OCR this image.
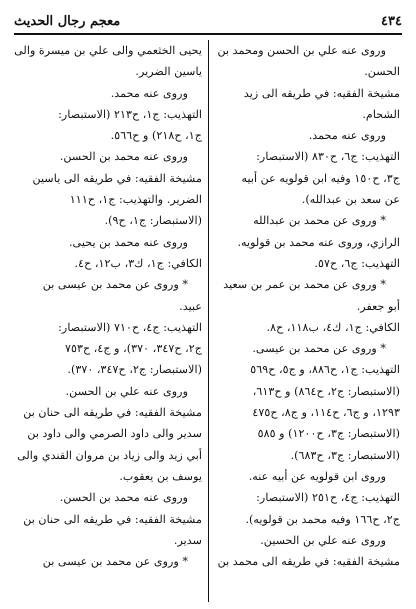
٤٣٤
معجم رجال الحديث
وروى عنه علي بن الحسن ومحمد بن
الحسن.
مشيخة الفقيه: في طريقه الى زيد
الشحام.
وروى عنه محمد.
التهذيب: ج٦، ح٨٣٠ (الاستبصار:
ج٣، ح١٥٠ وفيه ابن قولويه عن أبيه
عن سعد بن عبدالله).
* وروى عن محمد بن عبدالله
الرازي، وروى عنه محمد بن قولويه.
التهذيب: ج٦، ح٥٧.
* وروى عن محمد بن عمر بن سعيد
أبو جعفر.
الكافي: ج١، ك٤، ب١١٨، ح٨.
* وروى عن محمد بن عيسى.
التهذيب: ج١، ح٨٨٦، و ج٥، ح٥٦٩
(الاستبصار: ج٢، ح٨٦٤) و ح٦١٣،
١٢٩٣، و ج٦، ح١١٤، و ج٨، ح٤٧٥
(الاستبصار: ج٣، ح١٢٠٠) و ٥٨٥
(الاستبصار: ج٣، ح٦٨٣).
وروى ابن قولويه عن أبيه عنه.
التهذيب: ج٤، ح٢٥١ (الاستبصار:
ج٢، ح١٦٦ وفيه محمد بن قولويه).
وروى عنه علي بن الحسين.
مشيخة الفقيه: في طريقه الى محمد بن
يحيى الخثعمي والى علي بن ميسرة والى
ياسين الضرير.
وروى عنه محمد.
التهذيب: ج١، ح٢١٣ (الاستبصار:
ج١، ح٢١٨) و ح٥٦٦.
وروى عنه محمد بن الحسن.
مشيخة الفقيه: في طريقه الى ياسين
الضرير. والتهذيب: ج١، ح١١١
(الاستبصار: ج١، ح٩).
وروى عنه محمد بن يحيى.
الكافي: ج١، ك٣، ب١٢، ح٤.
* وروى عن محمد بن عيسى بن
عبيد.
التهذيب: ج٤، ح٧١٠ (الاستبصار:
ج٢، ح٣٤٧، ٣٧٠)، و ج٤، ح٧٥٣
(الاستبصار: ج٢، ح٣٤٧، ٣٧٠).
وروى عنه علي بن الحسن.
مشيخة الفقيه: في طريقه الى حنان بن
سدير والى داود الصرمي والى داود بن
أبي زيد والى زياد بن مروان القندي والى
يوسف بن يعقوب.
وروى عنه محمد بن الحسن.
مشيخة الفقيه: في طريقه الى حنان بن
سدير.
* وروى عن محمد بن عيسى بن
